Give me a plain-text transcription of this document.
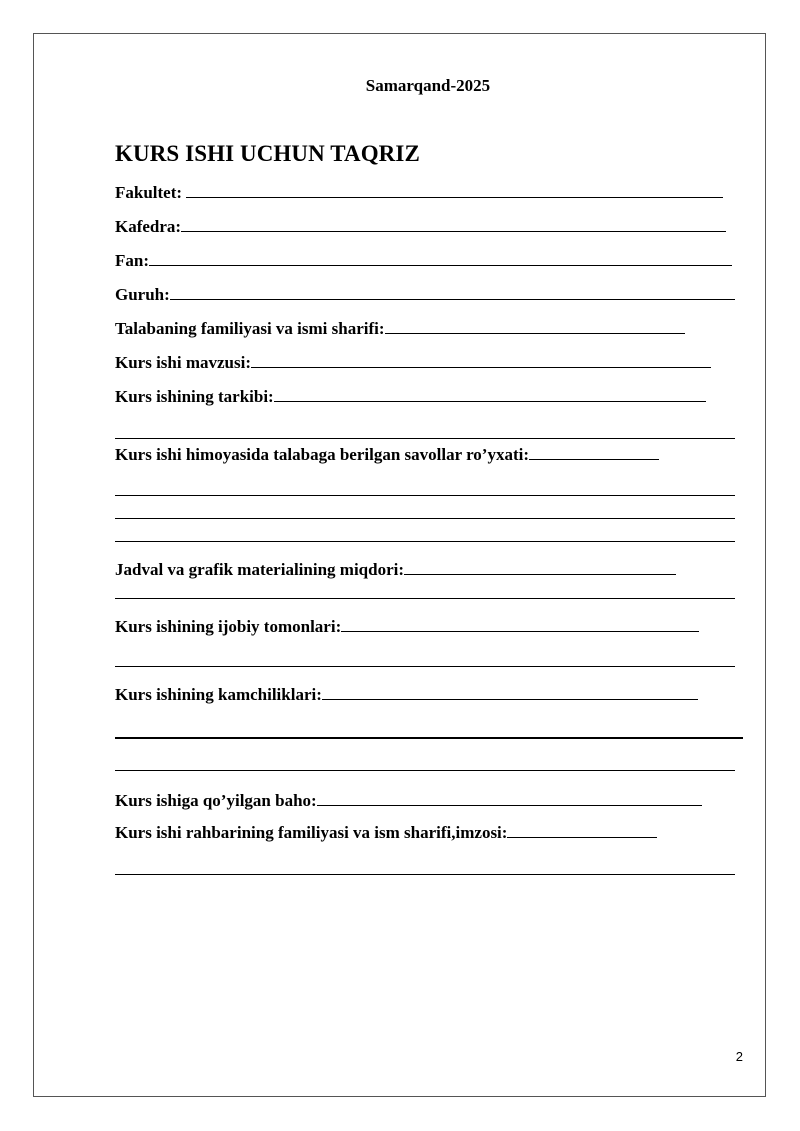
Samarqand-2025
KURS ISHI UCHUN TAQRIZ
Fakultet:
Kafedra:
Fan:
Guruh:
Talabaning familiyasi va ismi sharifi:
Kurs ishi mavzusi:
Kurs ishining tarkibi:
Kurs ishi himoyasida talabaga berilgan savollar ro’yxati:
Jadval va grafik materialining miqdori:
Kurs ishining ijobiy tomonlari:
Kurs ishining kamchiliklari:
Kurs ishiga qo’yilgan baho:
Kurs ishi rahbarining familiyasi va ism sharifi,imzosi:
2
